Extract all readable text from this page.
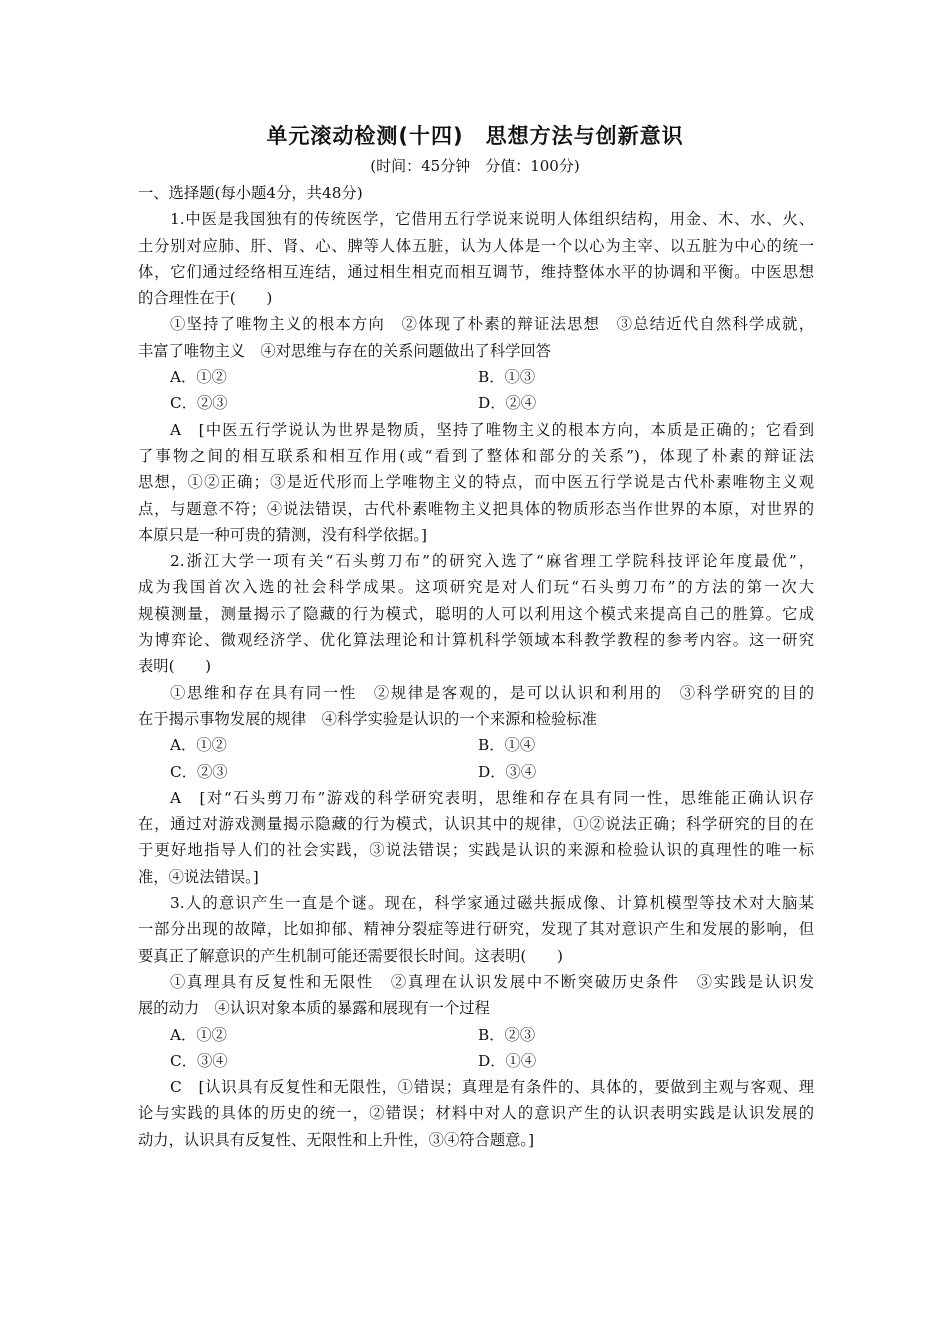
单元滚动检测(十四)　思想方法与创新意识
(时间：45分钟　分值：100分)
一、选择题(每小题4分，共48分)
1.中医是我国独有的传统医学，它借用五行学说来说明人体组织结构，用金、木、水、火、
土分别对应肺、肝、肾、心、脾等人体五脏，认为人体是一个以心为主宰、以五脏为中心的统一
体，它们通过经络相互连结，通过相生相克而相互调节，维持整体水平的协调和平衡。中医思想
的合理性在于(　　)
①坚持了唯物主义的根本方向　②体现了朴素的辩证法思想　③总结近代自然科学成就，
丰富了唯物主义　④对思维与存在的关系问题做出了科学回答
A．①②	B．①③
C．②③	D．②④
A　[中医五行学说认为世界是物质，坚持了唯物主义的根本方向，本质是正确的；它看到
了事物之间的相互联系和相互作用(或“看到了整体和部分的关系”)，体现了朴素的辩证法
思想，①②正确；③是近代形而上学唯物主义的特点，而中医五行学说是古代朴素唯物主义观
点，与题意不符；④说法错误，古代朴素唯物主义把具体的物质形态当作世界的本原，对世界的
本原只是一种可贵的猜测，没有科学依据。]
2.浙江大学一项有关“石头剪刀布”的研究入选了“麻省理工学院科技评论年度最优”，
成为我国首次入选的社会科学成果。这项研究是对人们玩“石头剪刀布”的方法的第一次大
规模测量，测量揭示了隐藏的行为模式，聪明的人可以利用这个模式来提高自己的胜算。它成
为博弈论、微观经济学、优化算法理论和计算机科学领域本科教学教程的参考内容。这一研究
表明(　　)
①思维和存在具有同一性　②规律是客观的，是可以认识和利用的　③科学研究的目的
在于揭示事物发展的规律　④科学实验是认识的一个来源和检验标准
A．①②	B．①④
C．②③	D．③④
A　[对“石头剪刀布”游戏的科学研究表明，思维和存在具有同一性，思维能正确认识存
在，通过对游戏测量揭示隐藏的行为模式，认识其中的规律，①②说法正确；科学研究的目的在
于更好地指导人们的社会实践，③说法错误；实践是认识的来源和检验认识的真理性的唯一标
准，④说法错误。]
3.人的意识产生一直是个谜。现在，科学家通过磁共振成像、计算机模型等技术对大脑某
一部分出现的故障，比如抑郁、精神分裂症等进行研究，发现了其对意识产生和发展的影响，但
要真正了解意识的产生机制可能还需要很长时间。这表明(　　)
①真理具有反复性和无限性　②真理在认识发展中不断突破历史条件　③实践是认识发
展的动力　④认识对象本质的暴露和展现有一个过程
A．①②	B．②③
C．③④	D．①④
C　[认识具有反复性和无限性，①错误；真理是有条件的、具体的，要做到主观与客观、理
论与实践的具体的历史的统一，②错误；材料中对人的意识产生的认识表明实践是认识发展的
动力，认识具有反复性、无限性和上升性，③④符合题意。]
